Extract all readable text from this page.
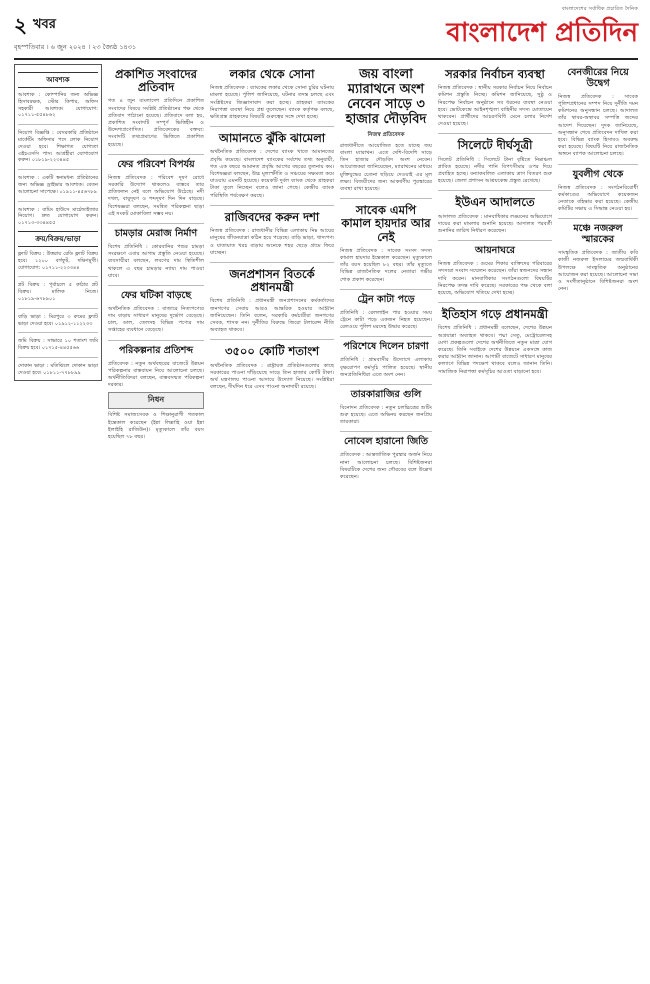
২ খবর
বৃহস্পতিবার । ৬ জুন ২০২৪ । ২৩ জ্যৈষ্ঠ ১৪৩১
বাংলাদেশের সর্বাধিক প্রচারিত দৈনিক
বাংলাদেশ প্রতিদিন
আবশ্যক
আবশ্যক : কোম্পানির জন্য অভিজ্ঞ হিসাবরক্ষক, স্টোর কিপার, অফিস সহকারী আবশ্যক। যোগাযোগ: ০১৭১১-৫৫৪৮৬২
নিয়োগ বিজ্ঞপ্তি : বেসরকারি প্রতিষ্ঠানে মার্কেটিং অফিসার পদে লোক নিয়োগ দেওয়া হবে। শিক্ষাগত যোগ্যতা এইচএসসি পাস। আগ্রহীরা যোগাযোগ করুন। ০১৮১৯-২২৩৪৪৫
আবশ্যক : একটি স্বনামধন্য প্রতিষ্ঠানের জন্য অভিজ্ঞ ড্রাইভার আবশ্যক। বেতন আলোচনা সাপেক্ষে। ০১৯১১-৪৫৬৭৮৯
আবশ্যক : বায়িং হাউসে মার্চেন্ডাইজার নিয়োগ। দ্রুত যোগাযোগ করুন। ০১৭১৩-৩৩৪৪৫৫
ক্রয়/বিক্রয়/ভাড়া
ফ্ল্যাট বিক্রয় : উত্তরায় রেডি ফ্ল্যাট বিক্রয় হবে। ১২০০ বর্গফুট, দক্ষিণমুখী। যোগাযোগ: ০১৭১১-২২৩৩৪৪
প্লট বিক্রয় : পূর্বাচলে ৫ কাঠার প্লট বিক্রয়। মালিক নিজে। ০১৮১৯-৬৭৮৯০১
বাড়ি ভাড়া : মিরপুরে ৩ রুমের ফ্ল্যাট ভাড়া দেওয়া হবে। ০১৯১২-১১২২৩৩
জমি বিক্রয় : সাভারে ১০ শতাংশ জমি বিক্রয় হবে। ০১৭১৫-৪৪৫৫৬৬
দোকান ভাড়া : মতিঝিলে দোকান ভাড়া দেওয়া হবে। ০১৮১১-৭৭৮৮৯৯
প্রকাশিত সংবাদের প্রতিবাদ
গত ৪ জুন বাংলাদেশ প্রতিদিনে প্রকাশিত সংবাদের বিষয়ে সংশ্লিষ্ট প্রতিষ্ঠানের পক্ষ থেকে প্রতিবাদ পাঠানো হয়েছে। প্রতিবাদে বলা হয়, প্রকাশিত সংবাদটি সম্পূর্ণ ভিত্তিহীন ও উদ্দেশ্যপ্রণোদিত। প্রতিবেদকের বক্তব্য: সংবাদটি তথ্যপ্রমাণের ভিত্তিতে প্রকাশিত হয়েছে।
ফের পরিবেশ বিপর্যয়
নিজস্ব প্রতিবেদক : পরিবেশ দূষণ রোধে সরকারি উদ্যোগ থাকলেও বাস্তবে তার প্রতিফলন নেই বলে অভিযোগ উঠেছে। নদী দখল, বায়ুদূষণ ও শব্দদূষণ দিন দিন বাড়ছে। বিশেষজ্ঞরা বলছেন, সমন্বিত পরিকল্পনা ছাড়া এই সংকট মোকাবিলা সম্ভব নয়।
চামড়ার মেরাজ নির্মাণ
বিশেষ প্রতিনিধি : কোরবানির পশুর চামড়া সংরক্ষণে এবার আগাম প্রস্তুতি নেওয়া হয়েছে। ব্যবসায়ীরা বলছেন, লবণের দাম স্থিতিশীল থাকলে এ বছর চামড়ার ন্যায্য দাম পাওয়া যাবে।
ফের ঘটিকা বাড়ছে
অর্থনৈতিক প্রতিবেদক : বাজারে নিত্যপণ্যের দাম বাড়ায় সাধারণ মানুষের দুর্ভোগ বেড়েছে। চাল, ডাল, তেলসহ বিভিন্ন পণ্যের দাম সপ্তাহের ব্যবধানে বেড়েছে।
পরিকল্পনার প্রতিশব্দ
প্রতিবেদক : নতুন অর্থবছরের বাজেটে উন্নয়ন পরিকল্পনার বাস্তবায়ন নিয়ে আলোচনা চলছে। অর্থনীতিবিদরা বলছেন, বাস্তবসম্মত পরিকল্পনা দরকার।
নিধন
বিশিষ্ট সমাজসেবক ও শিক্ষানুরাগী গতকাল ইন্তেকাল করেছেন (ইন্না লিল্লাহি ওয়া ইন্না ইলাইহি রাজিউন)। মৃত্যুকালে তাঁর বয়স হয়েছিল ৭৮ বছর।
লকার থেকে সোনা
নিজস্ব প্রতিবেদক : ব্যাংকের লকার থেকে সোনা চুরির ঘটনায় মামলা হয়েছে। পুলিশ জানিয়েছে, ঘটনার তদন্ত চলছে এবং সংশ্লিষ্টদের জিজ্ঞাসাবাদ করা হচ্ছে। গ্রাহকরা ব্যাংকের নিরাপত্তা ব্যবস্থা নিয়ে প্রশ্ন তুলেছেন। ব্যাংক কর্তৃপক্ষ বলছে, ক্ষতিগ্রস্ত গ্রাহকদের বিষয়টি গুরুত্বের সঙ্গে দেখা হচ্ছে।
আমানতে ঝুঁকি ঝামেলা
অর্থনৈতিক প্রতিবেদক : দেশের ব্যাংক খাতে আমানতের প্রবৃদ্ধি কমেছে। বাংলাদেশ ব্যাংকের সর্বশেষ তথ্য অনুযায়ী, গত এক বছরে আমানত প্রবৃদ্ধি আগের বছরের তুলনায় কম। বিশেষজ্ঞরা বলছেন, উচ্চ মূল্যস্ফীতি ও সঞ্চয়ের সক্ষমতা কমে যাওয়ায় এমনটি হয়েছে। কয়েকটি দুর্বল ব্যাংক থেকে গ্রাহকরা টাকা তুলে নিচ্ছেন বলেও জানা গেছে। কেন্দ্রীয় ব্যাংক পরিস্থিতি পর্যবেক্ষণ করছে।
রাজিবদের করুন দশা
নিজস্ব প্রতিবেদক : রাজধানীর বিভিন্ন এলাকায় নিম্ন আয়ের মানুষের জীবনযাত্রা কঠিন হয়ে পড়েছে। বাড়ি ভাড়া, খাদ্যপণ্য ও যাতায়াত খরচ বাড়ায় অনেকে শহর ছেড়ে গ্রামে ফিরে যাচ্ছেন।
জনপ্রশাসন বিতর্কে প্রধানমন্ত্রী
বিশেষ প্রতিনিধি : প্রধানমন্ত্রী জনপ্রশাসনের কর্মকর্তাদের জনগণের সেবায় আরও আন্তরিক হওয়ার আহ্বান জানিয়েছেন। তিনি বলেন, সরকারি কর্মচারীরা জনগণের সেবক, শাসক নন। দুর্নীতির বিরুদ্ধে জিরো টলারেন্স নীতি অব্যাহত থাকবে।
৩৫০০ কোটি শতাংশ
অর্থনৈতিক প্রতিবেদক : রাষ্ট্রায়ত্ত প্রতিষ্ঠানগুলোর কাছে সরকারের পাওনা দাঁড়িয়েছে সাড়ে তিন হাজার কোটি টাকা। অর্থ মন্ত্রণালয় পাওনা আদায়ে উদ্যোগ নিয়েছে। সংশ্লিষ্টরা বলছেন, দীর্ঘদিন ধরে এসব পাওনা অনাদায়ী রয়েছে।
জয় বাংলা ম্যারাথনে অংশ নেবেন সাড়ে ৩ হাজার দৌড়বিদ
নিজস্ব প্রতিবেদক
রাজধানীতে আয়োজিত হতে যাচ্ছে জয় বাংলা ম্যারাথন। এতে দেশি-বিদেশি সাড়ে তিন হাজার দৌড়বিদ অংশ নেবেন। আয়োজকরা জানিয়েছেন, ম্যারাথনের মাধ্যমে মুক্তিযুদ্ধের চেতনা ছড়িয়ে দেওয়াই এর মূল লক্ষ্য। বিজয়ীদের জন্য আকর্ষণীয় পুরস্কারের ব্যবস্থা রাখা হয়েছে।
সাবেক এমপি কামাল হায়দার আর নেই
নিজস্ব প্রতিবেদক : সাবেক সংসদ সদস্য কামাল হায়দার ইন্তেকাল করেছেন। মৃত্যুকালে তাঁর বয়স হয়েছিল ৮২ বছর। তাঁর মৃত্যুতে বিভিন্ন রাজনৈতিক দলের নেতারা গভীর শোক প্রকাশ করেছেন।
ট্রেন কাটা পড়ে
প্রতিনিধি : রেললাইন পার হওয়ার সময় ট্রেনে কাটা পড়ে একজন নিহত হয়েছেন। রেলওয়ে পুলিশ মরদেহ উদ্ধার করেছে।
পরিশেষে দিলেন চারণা
প্রতিনিধি : গ্রামবাসীর উদ্যোগে এলাকায় বৃক্ষরোপণ কর্মসূচি পালিত হয়েছে। স্থানীয় জনপ্রতিনিধিরা এতে অংশ নেন।
তারকারাজির গুলি
বিনোদন প্রতিবেদক : নতুন চলচ্চিত্রের শুটিং শুরু হয়েছে। এতে অভিনয় করছেন জনপ্রিয় তারকারা।
নোবেল হারানো জিতি
প্রতিবেদক : আন্তর্জাতিক পুরস্কার অর্জন নিয়ে নানা আলোচনা চলছে। বিশিষ্টজনরা বিষয়টিকে দেশের জন্য গৌরবের বলে উল্লেখ করেছেন।
সরকার নির্বাচন ব্যবস্থা
নিজস্ব প্রতিবেদক : স্থানীয় সরকার নির্বাচন নিয়ে নির্বাচন কমিশন প্রস্তুতি নিচ্ছে। কমিশন জানিয়েছে, সুষ্ঠু ও নিরপেক্ষ নির্বাচন অনুষ্ঠানে সব ধরনের ব্যবস্থা নেওয়া হবে। ভোটকেন্দ্রে আইনশৃঙ্খলা বাহিনীর সদস্য মোতায়েন থাকবেন। প্রার্থীদের আচরণবিধি মেনে চলার নির্দেশ দেওয়া হয়েছে।
সিলেটে দীর্ঘসূত্রী
সিলেট প্রতিনিধি : সিলেটে টানা বৃষ্টিতে নিম্নাঞ্চল প্লাবিত হয়েছে। নদীর পানি বিপৎসীমার ওপর দিয়ে প্রবাহিত হচ্ছে। বন্যাকবলিত এলাকায় ত্রাণ বিতরণ শুরু হয়েছে। জেলা প্রশাসন আশ্রয়কেন্দ্র প্রস্তুত রেখেছে।
ইউএন আদালতে
আদালত প্রতিবেদক : মানবাধিকার লঙ্ঘনের অভিযোগে দায়ের করা মামলার শুনানি হয়েছে। আদালত পরবর্তী শুনানির তারিখ নির্ধারণ করেছেন।
আয়নাঘরে
নিজস্ব প্রতিবেদক : গুমের শিকার ব্যক্তিদের পরিবারের সদস্যরা সংবাদ সম্মেলন করেছেন। তাঁরা স্বজনদের সন্ধান দাবি করেন। মানবাধিকার সংগঠনগুলো বিষয়টির নিরপেক্ষ তদন্ত দাবি করেছে। সরকারের পক্ষ থেকে বলা হয়েছে, অভিযোগ খতিয়ে দেখা হচ্ছে।
ইতিহাস গড়ে প্রধানমন্ত্রী
বিশেষ প্রতিনিধি : প্রধানমন্ত্রী বলেছেন, দেশের উন্নয়ন অগ্রযাত্রা অব্যাহত থাকবে। পদ্মা সেতু, মেট্রোরেলসহ মেগা প্রকল্পগুলো দেশের অর্থনীতিতে নতুন মাত্রা যোগ করেছে। তিনি সবাইকে দেশের উন্নয়নে একসঙ্গে কাজ করার আহ্বান জানান। আগামী বাজেটে সাধারণ মানুষের কল্যাণে বিভিন্ন পদক্ষেপ থাকবে বলেও জানান তিনি। সামাজিক নিরাপত্তা কর্মসূচির আওতা বাড়ানো হবে।
বেনজীরের নিয়ে উদ্বেগ
নিজস্ব প্রতিবেদক : সাবেক পুলিশপ্রধানের সম্পদ নিয়ে দুর্নীতি দমন কমিশনের অনুসন্ধান চলছে। আদালত তাঁর স্থাবর-অস্থাবর সম্পত্তি জব্দের আদেশ দিয়েছেন। দুদক জানিয়েছে, অনুসন্ধান শেষে প্রতিবেদন দাখিল করা হবে। বিভিন্ন ব্যাংক হিসাবও অবরুদ্ধ করা হয়েছে। বিষয়টি নিয়ে রাজনৈতিক অঙ্গনে ব্যাপক আলোচনা চলছে।
যুবলীগ থেকে
নিজস্ব প্রতিবেদক : সংগঠনবিরোধী কর্মকাণ্ডের অভিযোগে কয়েকজন নেতাকে বহিষ্কার করা হয়েছে। কেন্দ্রীয় কমিটির সভায় এ সিদ্ধান্ত নেওয়া হয়।
মঞ্চে নজরুল স্মারকের
সাংস্কৃতিক প্রতিবেদক : জাতীয় কবি কাজী নজরুল ইসলামের জন্মবার্ষিকী উপলক্ষে সাংস্কৃতিক অনুষ্ঠানের আয়োজন করা হয়েছে। আলোচনা সভা ও সংগীতানুষ্ঠানে বিশিষ্টজনরা অংশ নেন।
